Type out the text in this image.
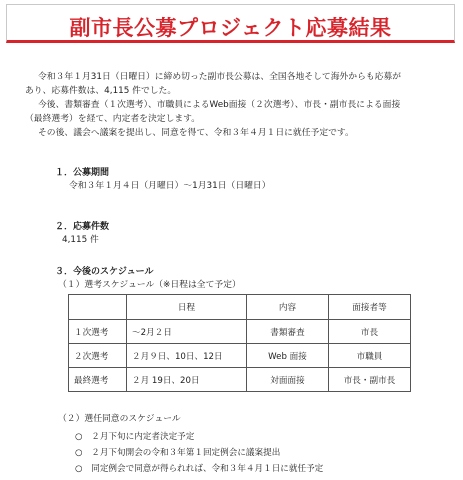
副市長公募プロジェクト応募結果
令和３年１月31日（日曜日）に締め切った副市長公募は、全国各地そして海外からも応募が
あり、応募件数は、4,115 件でした。
今後、書類審査（１次選考）、市職員によるWeb面接（２次選考）、市長・副市長による面接
（最終選考）を経て、内定者を決定します。
その後、議会へ議案を提出し、同意を得て、令和３年４月１日に就任予定です。
１．公募期間
令和３年１月４日（月曜日）～1月31日（日曜日）
２．応募件数
4,115 件
３．今後のスケジュール
（１）選考スケジュール（※日程は全て予定）
	日程	内容	面接者等
１次選考	～2月２日	書類審査	市長
２次選考	２月９日、10日、12日	Web 面接	市職員
最終選考	２月 19日、20日	対面面接	市長・副市長
（２）選任同意のスケジュール
○ ２月下旬に内定者決定予定
○ ２月下旬開会の令和３年第１回定例会に議案提出
○ 同定例会で同意が得られれば、令和３年４月１日に就任予定
